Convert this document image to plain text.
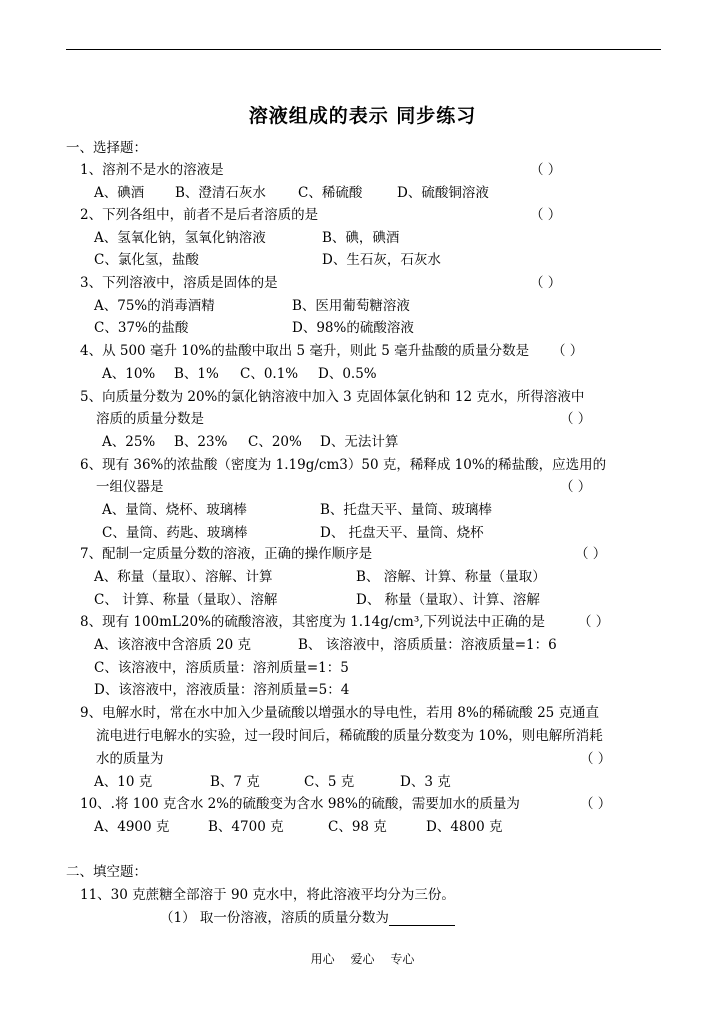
溶液组成的表示 同步练习
一、选择题：
1、溶剂不是水的溶液是	（ ）
A、碘酒 B、澄清石灰水 C、稀硫酸	D、硫酸铜溶液
2、下列各组中，前者不是后者溶质的是	（ ）
A、氢氧化钠，氢氧化钠溶液	B、碘，碘酒
C、氯化氢，盐酸	D、生石灰，石灰水
3、下列溶液中，溶质是固体的是	（ ）
A、75%的消毒酒精	B、医用葡萄糖溶液
C、37%的盐酸	D、98%的硫酸溶液
4、从 500 毫升 10%的盐酸中取出 5 毫升，则此 5 毫升盐酸的质量分数是 （ ）
A、10% B、1% C、0.1% D、0.5%
5、向质量分数为 20%的氯化钠溶液中加入 3 克固体氯化钠和 12 克水，所得溶液中
溶质的质量分数是	（ ）
A、25% B、23% C、20% D、无法计算
6、现有 36%的浓盐酸（密度为 1.19g/cm3）50 克，稀释成 10%的稀盐酸，应选用的
一组仪器是	（ ）
A、量筒、烧杯、玻璃棒	B、托盘天平、量筒、玻璃棒
C、量筒、药匙、玻璃棒	D、 托盘天平、量筒、烧杯
7、配制一定质量分数的溶液，正确的操作顺序是	（ ）
A、称量（量取）、溶解、计算	B、 溶解、计算、称量（量取）
C、 计算、称量（量取）、溶解	D、 称量（量取）、计算、溶解
8、现有 100mL20%的硫酸溶液，其密度为 1.14g/cm³,下列说法中正确的是 （ ）
A、该溶液中含溶质 20 克	B、 该溶液中，溶质质量：溶液质量=1：6
C、该溶液中，溶质质量：溶剂质量=1：5
D、该溶液中，溶液质量：溶剂质量=5：4
9、电解水时，常在水中加入少量硫酸以增强水的导电性，若用 8%的稀硫酸 25 克通直
流电进行电解水的实验，过一段时间后，稀硫酸的质量分数变为 10%，则电解所消耗
水的质量为	（ ）
A、10 克	B、7 克	C、5 克	D、3 克
10、.将 100 克含水 2%的硫酸变为含水 98%的硫酸，需要加水的质量为	（ ）
A、4900 克	B、4700 克	C、98 克	D、4800 克
二、填空题：
11、30 克蔗糖全部溶于 90 克水中，将此溶液平均分为三份。
（1） 取一份溶液，溶质的质量分数为
用心 爱心 专心
